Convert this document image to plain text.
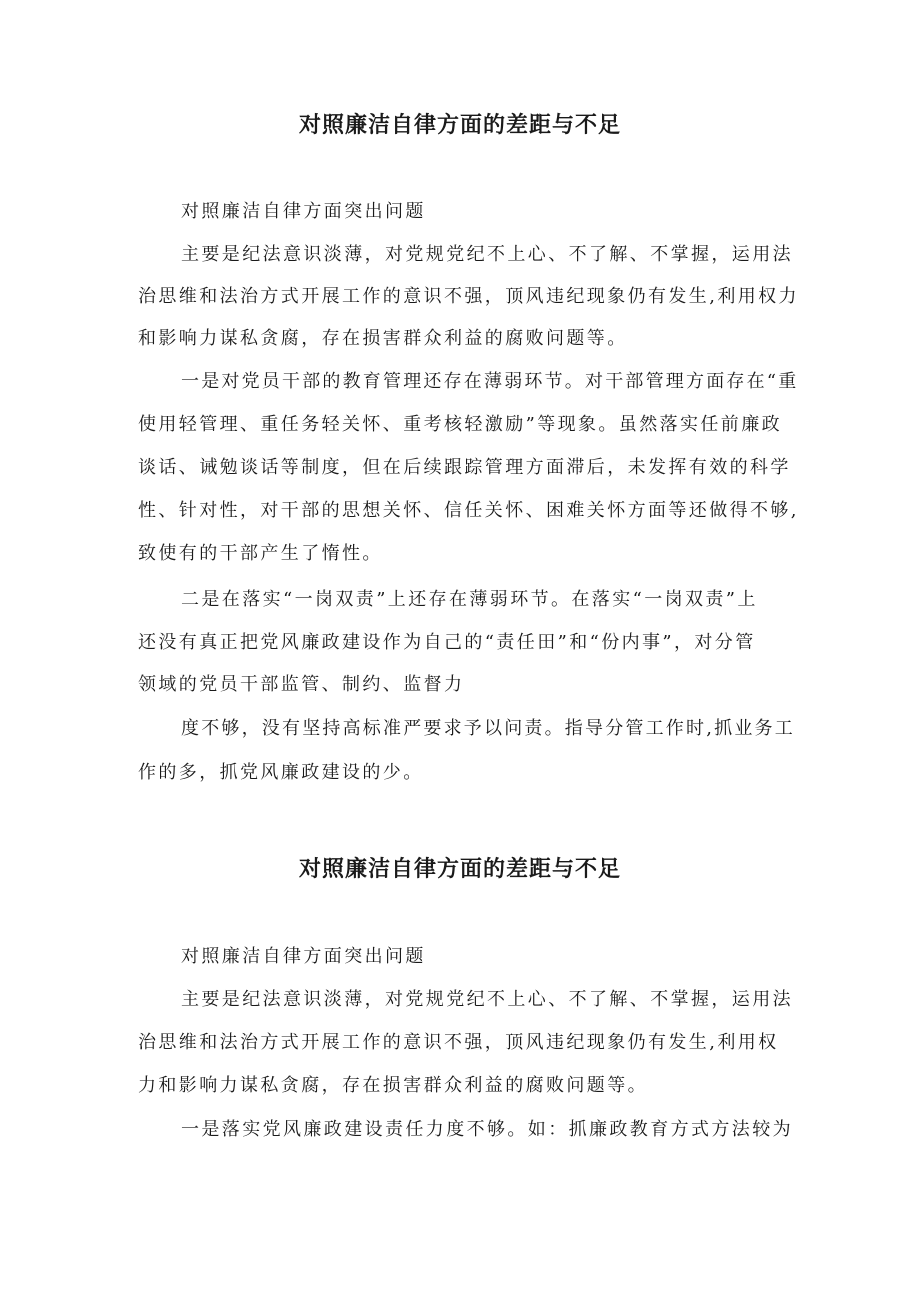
对照廉洁自律方面的差距与不足

对照廉洁自律方面突出问题

主要是纪法意识淡薄，对党规党纪不上心、不了解、不掌握，运用法

治思维和法治方式开展工作的意识不强，顶风违纪现象仍有发生,利用权力

和影响力谋私贪腐，存在损害群众利益的腐败问题等。

一是对党员干部的教育管理还存在薄弱环节。对干部管理方面存在“重

使用轻管理、重任务轻关怀、重考核轻激励”等现象。虽然落实任前廉政

谈话、诫勉谈话等制度，但在后续跟踪管理方面滞后，未发挥有效的科学

性、针对性，对干部的思想关怀、信任关怀、困难关怀方面等还做得不够,

致使有的干部产生了惰性。

二是在落实“一岗双责”上还存在薄弱环节。在落实“一岗双责”上

还没有真正把党风廉政建设作为自己的“责任田”和“份内事”，对分管

领域的党员干部监管、制约、监督力

度不够，没有坚持高标准严要求予以问责。指导分管工作时,抓业务工

作的多，抓党风廉政建设的少。

对照廉洁自律方面的差距与不足

对照廉洁自律方面突出问题

主要是纪法意识淡薄，对党规党纪不上心、不了解、不掌握，运用法

治思维和法治方式开展工作的意识不强，顶风违纪现象仍有发生,利用权

力和影响力谋私贪腐，存在损害群众利益的腐败问题等。

一是落实党风廉政建设责任力度不够。如：抓廉政教育方式方法较为
